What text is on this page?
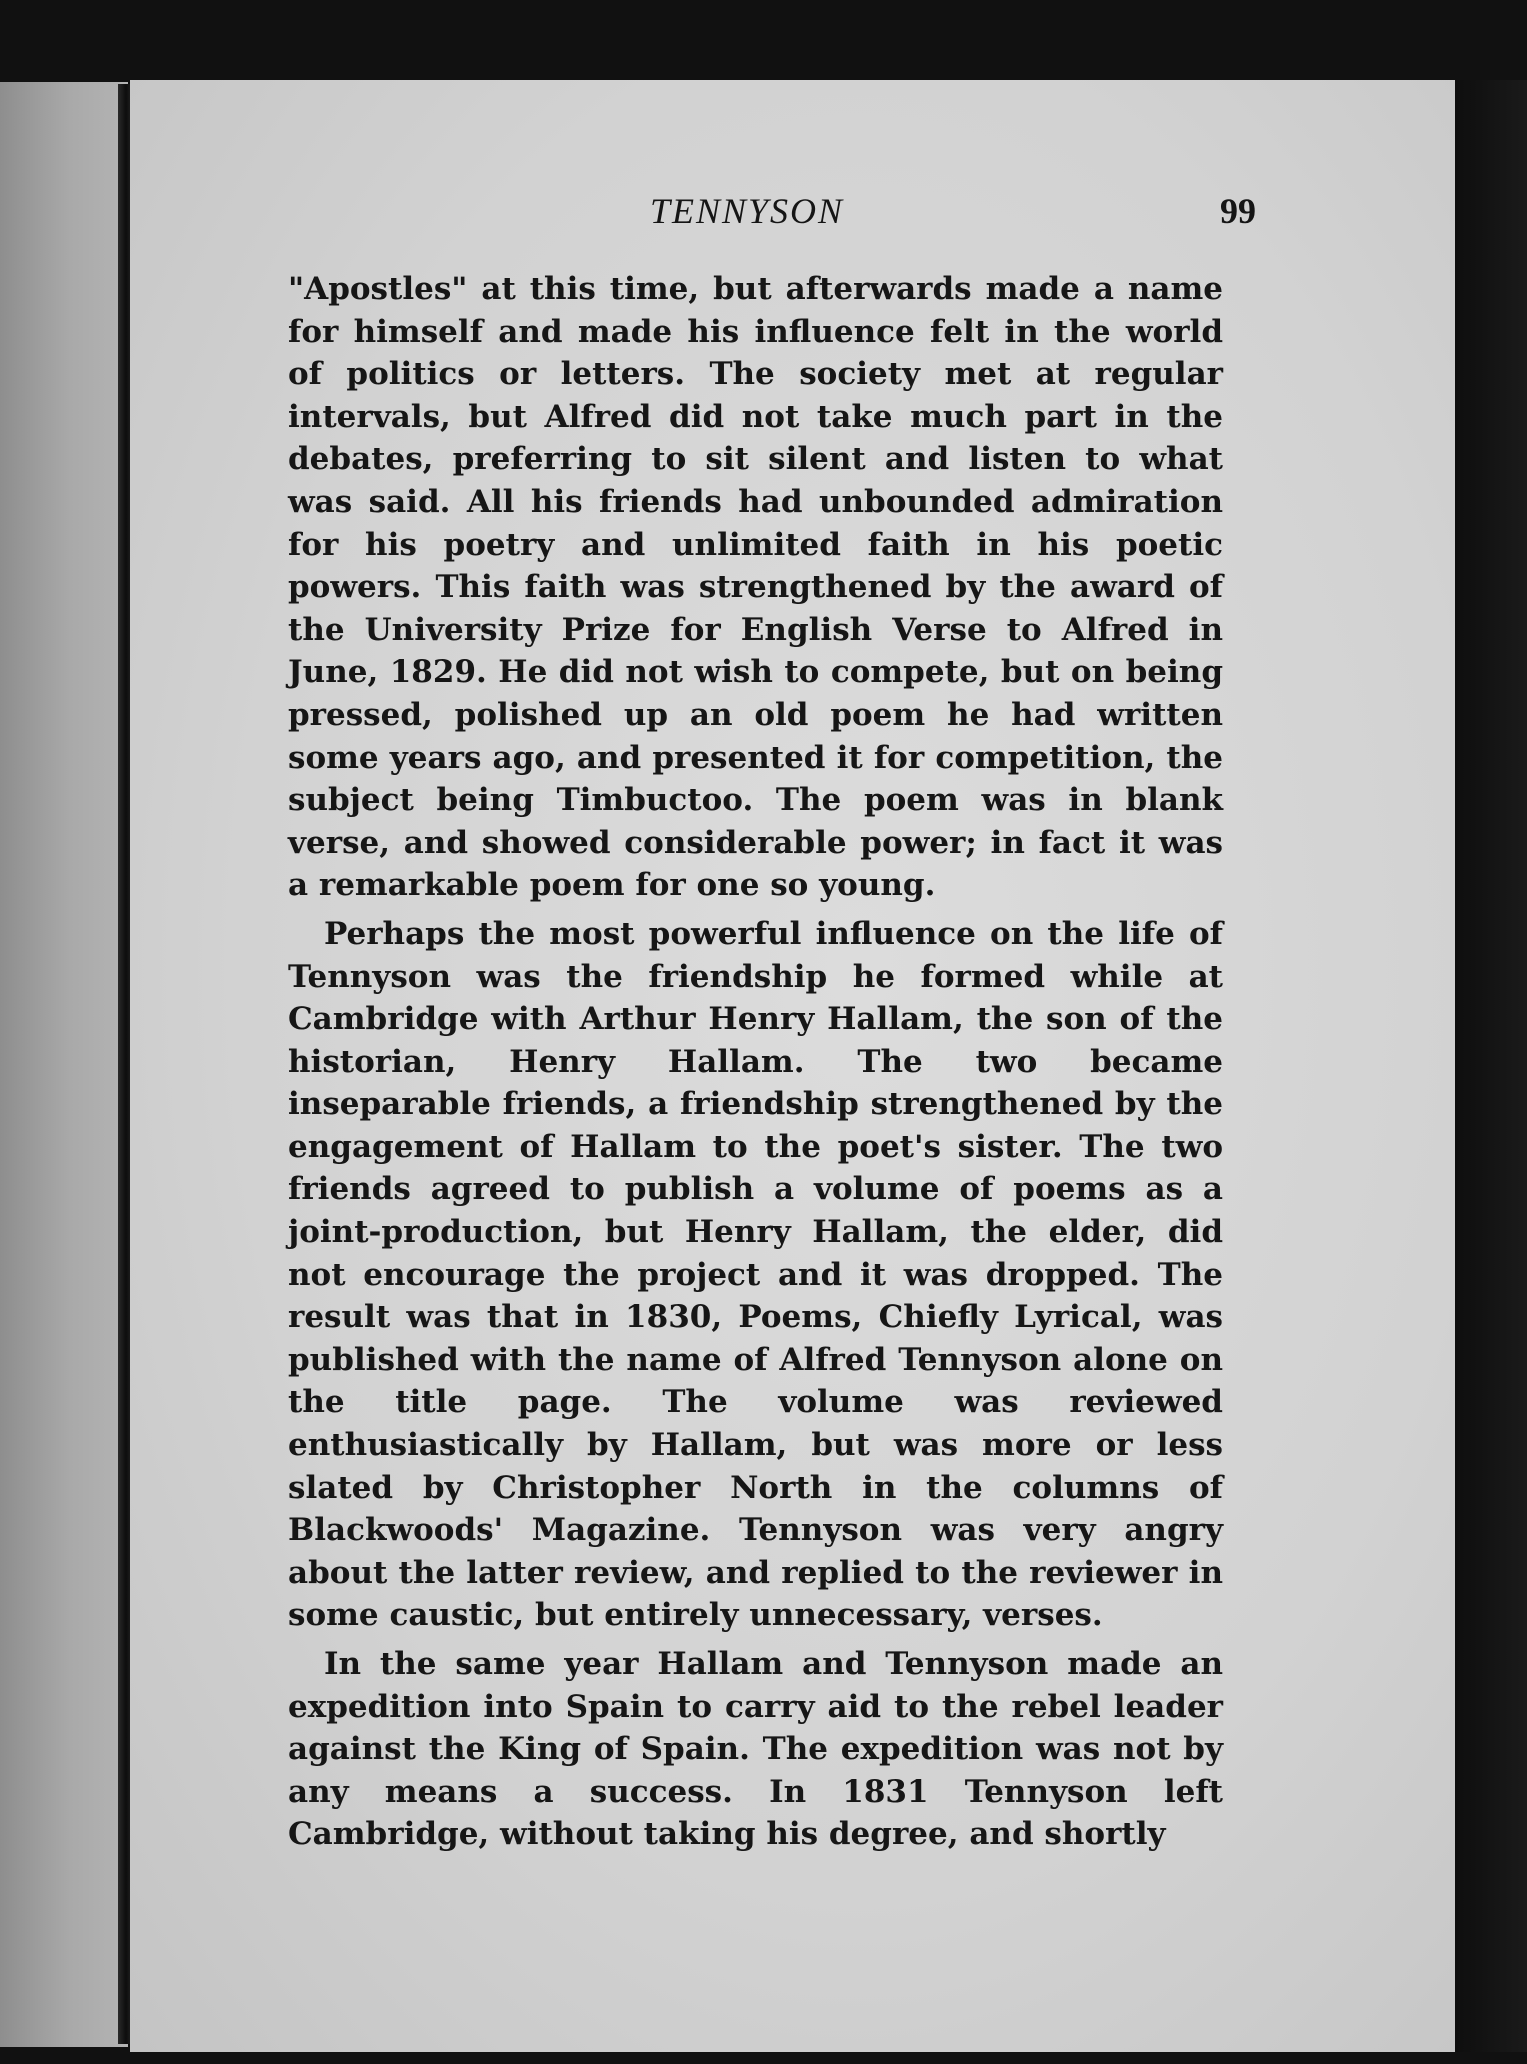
TENNYSON	99

"Apostles" at this time, but afterwards made a name for himself and made his influence felt in the world of politics or letters. The society met at regular intervals, but Alfred did not take much part in the debates, preferring to sit silent and listen to what was said. All his friends had unbounded admiration for his poetry and unlimited faith in his poetic powers. This faith was strengthened by the award of the University Prize for English Verse to Alfred in June, 1829. He did not wish to compete, but on being pressed, polished up an old poem he had written some years ago, and presented it for competition, the subject being Timbuctoo. The poem was in blank verse, and showed considerable power; in fact it was a remarkable poem for one so young.

Perhaps the most powerful influence on the life of Tennyson was the friendship he formed while at Cambridge with Arthur Henry Hallam, the son of the historian, Henry Hallam. The two became inseparable friends, a friendship strengthened by the engagement of Hallam to the poet's sister. The two friends agreed to publish a volume of poems as a joint-production, but Henry Hallam, the elder, did not encourage the project and it was dropped. The result was that in 1830, Poems, Chiefly Lyrical, was published with the name of Alfred Tennyson alone on the title page. The volume was reviewed enthusiastically by Hallam, but was more or less slated by Christopher North in the columns of Blackwoods' Magazine. Tennyson was very angry about the latter review, and replied to the reviewer in some caustic, but entirely unnecessary, verses.

In the same year Hallam and Tennyson made an expedition into Spain to carry aid to the rebel leader against the King of Spain. The expedition was not by any means a success. In 1831 Tennyson left Cambridge, without taking his degree, and shortly
